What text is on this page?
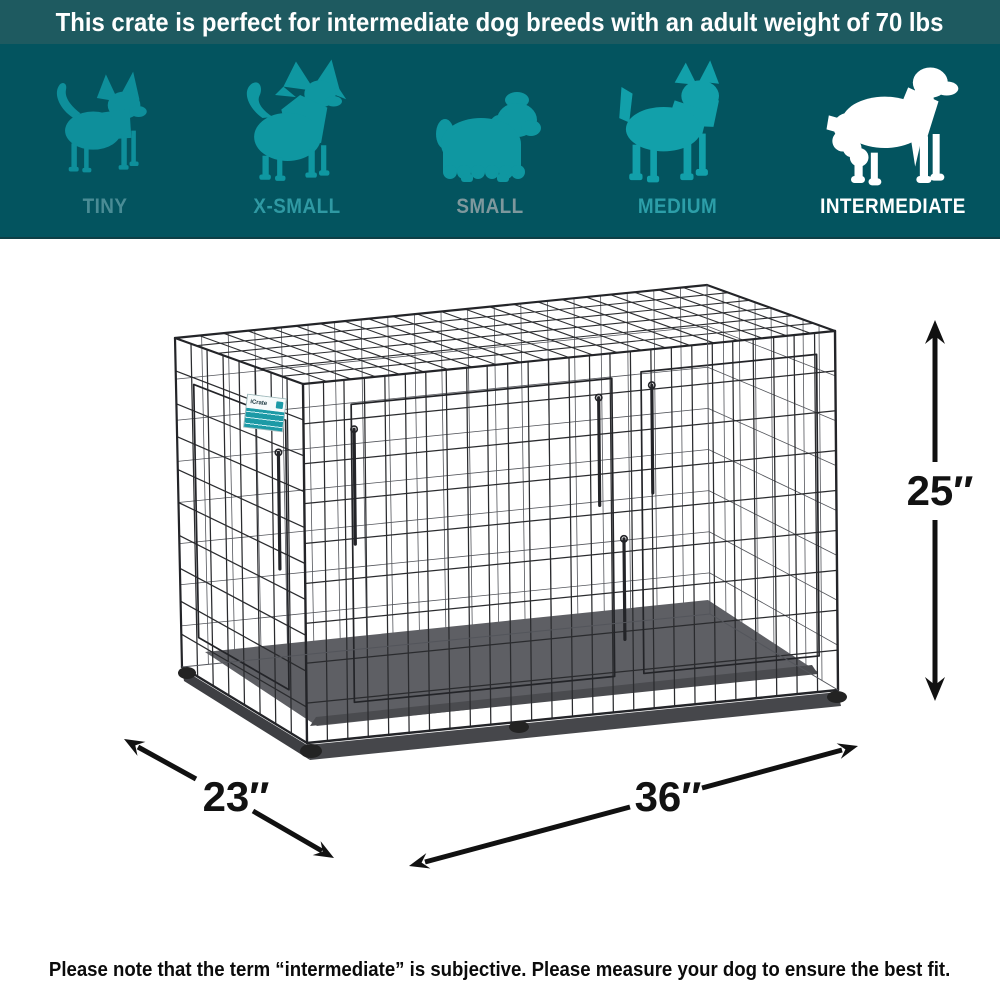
This crate is perfect for intermediate dog breeds with an adult weight of 70 lbs
TINY	X-SMALL	SMALL	MEDIUM	INTERMEDIATE
iCrate
25″
23″	36″
Please note that the term “intermediate” is subjective. Please measure your dog to ensure the best fit.
